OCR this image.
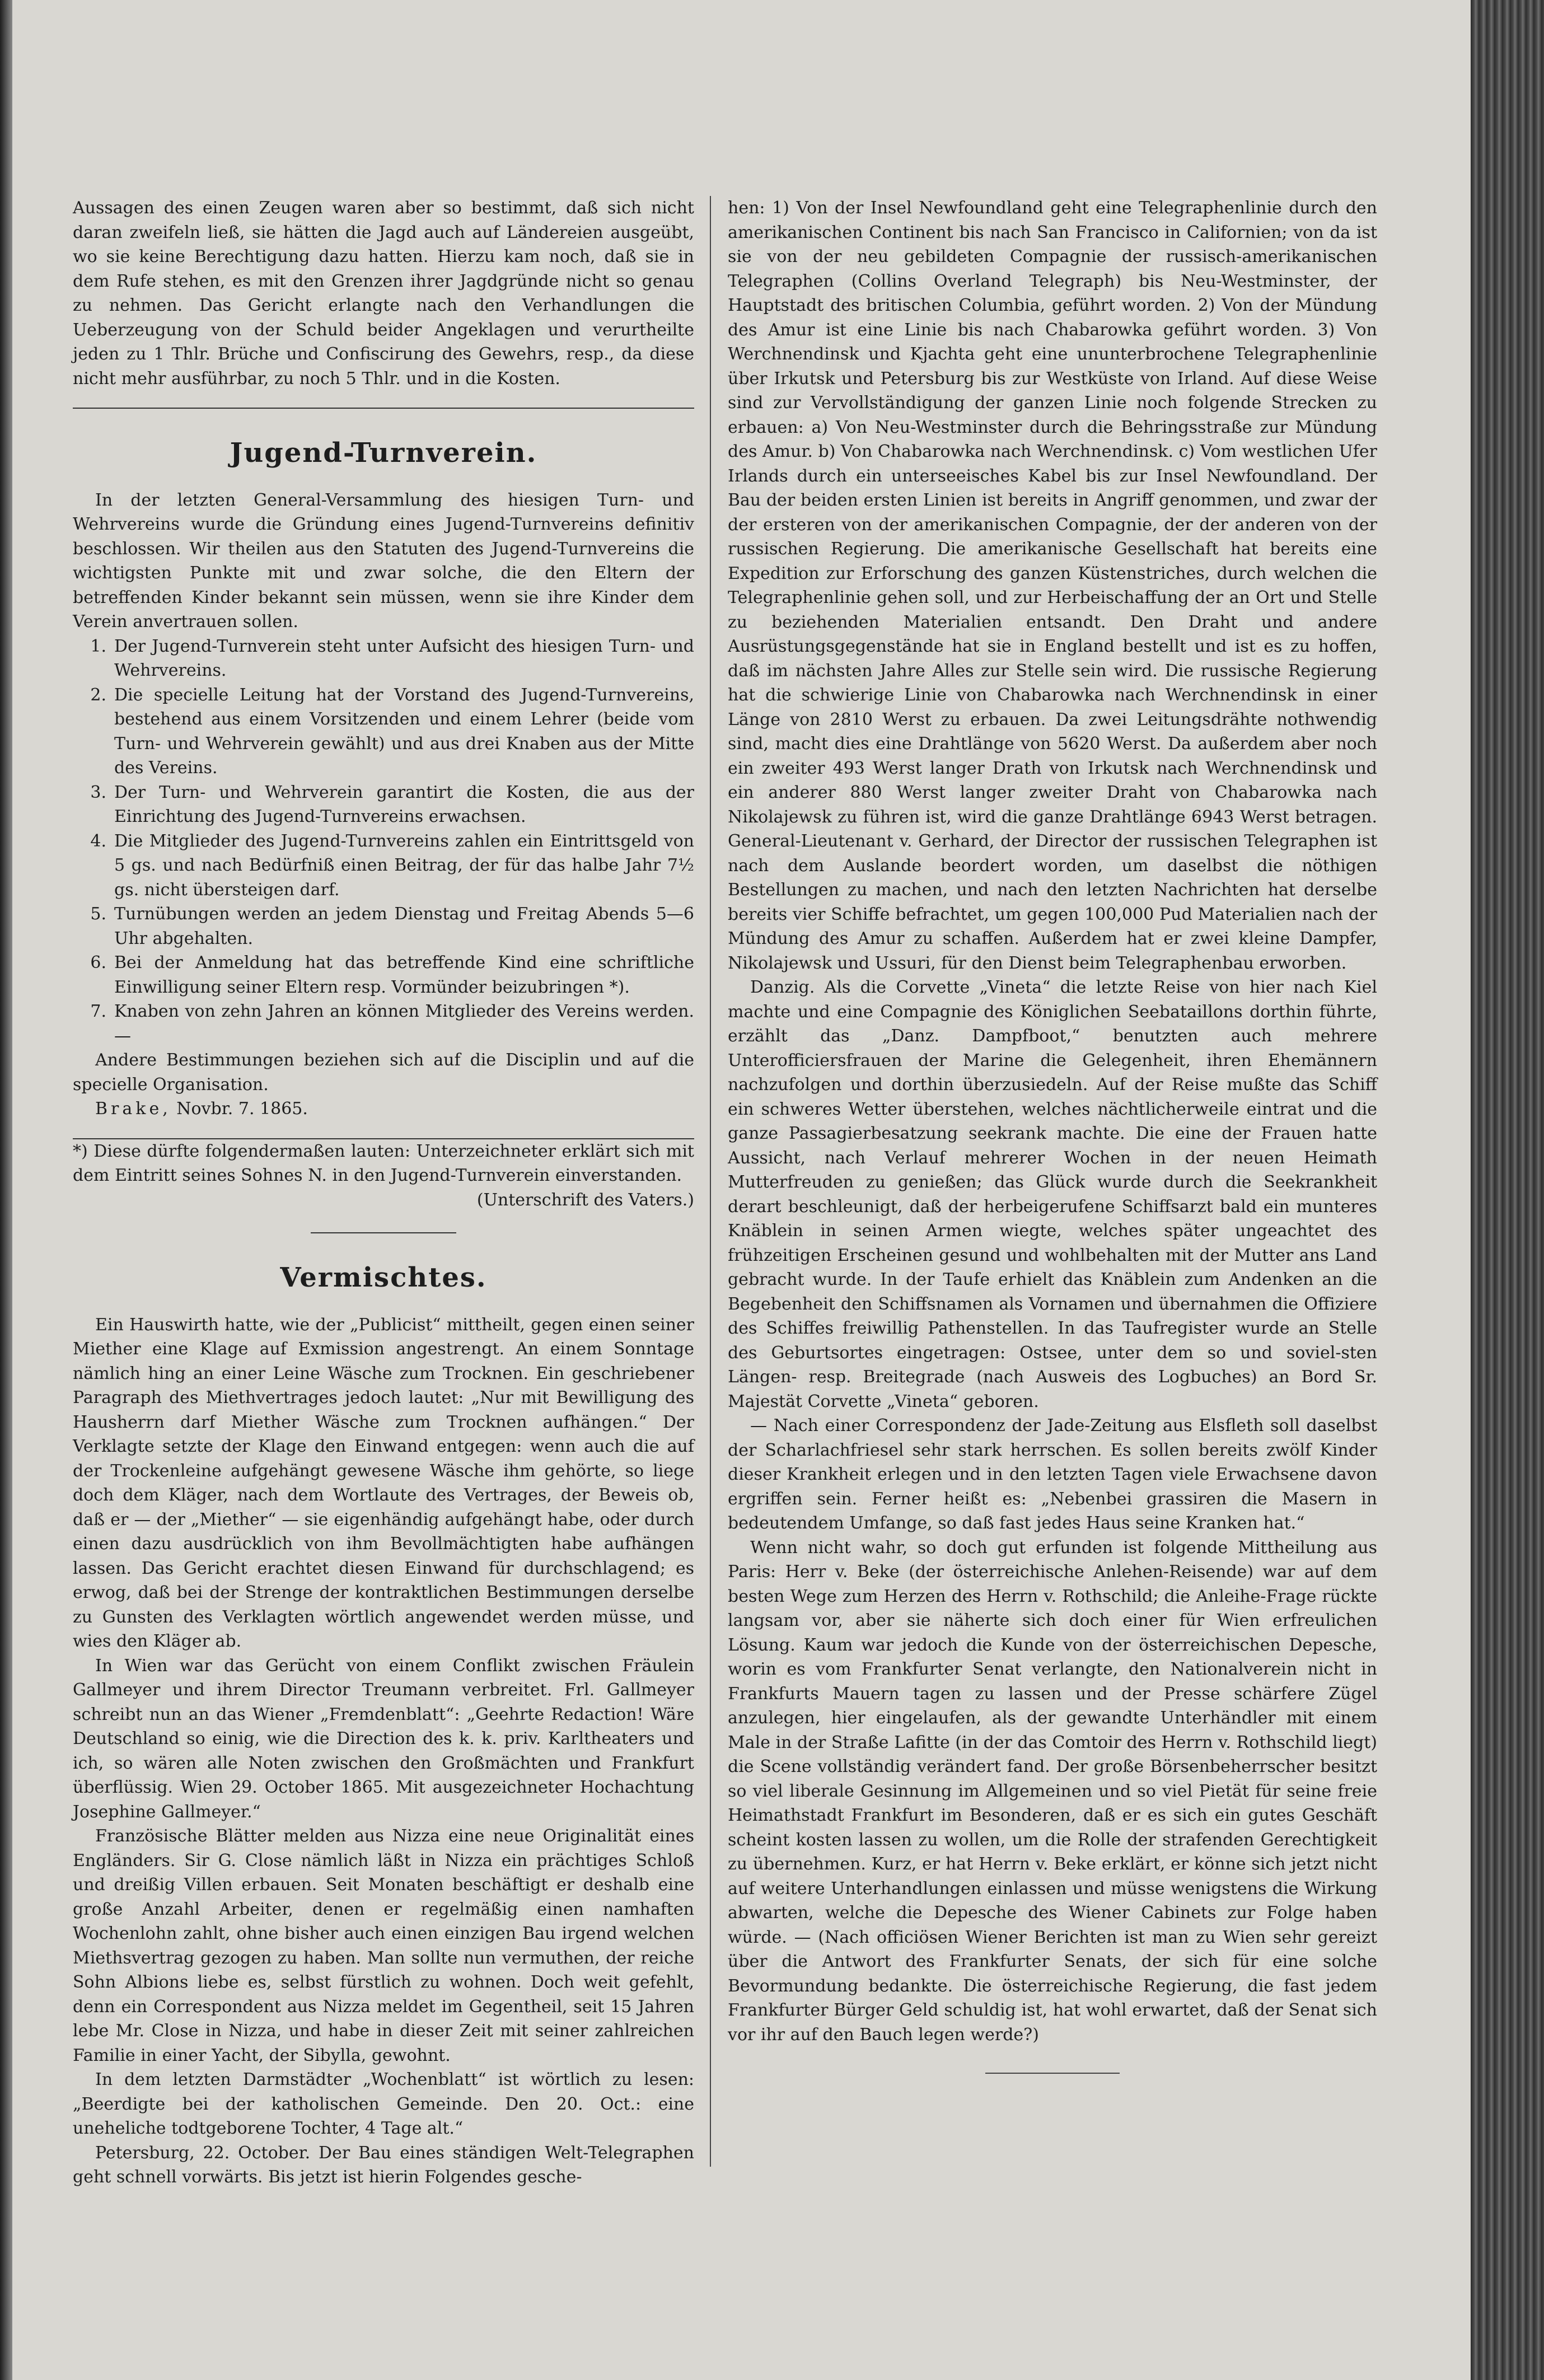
Aussagen des einen Zeugen waren aber so bestimmt, daß sich nicht daran zweifeln ließ, sie hätten die Jagd auch auf Ländereien ausgeübt, wo sie keine Berechtigung dazu hatten. Hierzu kam noch, daß sie in dem Rufe stehen, es mit den Grenzen ihrer Jagdgründe nicht so genau zu nehmen. Das Gericht erlangte nach den Verhandlungen die Ueberzeugung von der Schuld beider Angeklagen und verurtheilte jeden zu 1 Thlr. Brüche und Confiscirung des Gewehrs, resp., da diese nicht mehr ausführbar, zu noch 5 Thlr. und in die Kosten.

Jugend-Turnverein.

In der letzten General-Versammlung des hiesigen Turn- und Wehrvereins wurde die Gründung eines Jugend-Turnvereins definitiv beschlossen. Wir theilen aus den Statuten des Jugend-Turnvereins die wichtigsten Punkte mit und zwar solche, die den Eltern der betreffenden Kinder bekannt sein müssen, wenn sie ihre Kinder dem Verein anvertrauen sollen.

1. Der Jugend-Turnverein steht unter Aufsicht des hiesigen Turn- und Wehrvereins.
2. Die specielle Leitung hat der Vorstand des Jugend-Turnvereins, bestehend aus einem Vorsitzenden und einem Lehrer (beide vom Turn- und Wehrverein gewählt) und aus drei Knaben aus der Mitte des Vereins.
3. Der Turn- und Wehrverein garantirt die Kosten, die aus der Einrichtung des Jugend-Turnvereins erwachsen.
4. Die Mitglieder des Jugend-Turnvereins zahlen ein Eintrittsgeld von 5 gs. und nach Bedürfniß einen Beitrag, der für das halbe Jahr 7½ gs. nicht übersteigen darf.
5. Turnübungen werden an jedem Dienstag und Freitag Abends 5—6 Uhr abgehalten.
6. Bei der Anmeldung hat das betreffende Kind eine schriftliche Einwilligung seiner Eltern resp. Vormünder beizubringen *).
7. Knaben von zehn Jahren an können Mitglieder des Vereins werden. —

Andere Bestimmungen beziehen sich auf die Disciplin und auf die specielle Organisation.

Brake, Novbr. 7. 1865.

*) Diese dürfte folgendermaßen lauten: Unterzeichneter erklärt sich mit dem Eintritt seines Sohnes N. in den Jugend-Turnverein einverstanden.

(Unterschrift des Vaters.)

Vermischtes.

Ein Hauswirth hatte, wie der „Publicist“ mittheilt, gegen einen seiner Miether eine Klage auf Exmission angestrengt. An einem Sonntage nämlich hing an einer Leine Wäsche zum Trocknen. Ein geschriebener Paragraph des Miethvertrages jedoch lautet: „Nur mit Bewilligung des Hausherrn darf Miether Wäsche zum Trocknen aufhängen.“ Der Verklagte setzte der Klage den Einwand entgegen: wenn auch die auf der Trockenleine aufgehängt gewesene Wäsche ihm gehörte, so liege doch dem Kläger, nach dem Wortlaute des Vertrages, der Beweis ob, daß er — der „Miether“ — sie eigenhändig aufgehängt habe, oder durch einen dazu ausdrücklich von ihm Bevollmächtigten habe aufhängen lassen. Das Gericht erachtet diesen Einwand für durchschlagend; es erwog, daß bei der Strenge der kontraktlichen Bestimmungen derselbe zu Gunsten des Verklagten wörtlich angewendet werden müsse, und wies den Kläger ab.

In Wien war das Gerücht von einem Conflikt zwischen Fräulein Gallmeyer und ihrem Director Treumann verbreitet. Frl. Gallmeyer schreibt nun an das Wiener „Fremdenblatt“: „Geehrte Redaction! Wäre Deutschland so einig, wie die Direction des k. k. priv. Karltheaters und ich, so wären alle Noten zwischen den Großmächten und Frankfurt überflüssig. Wien 29. October 1865. Mit ausgezeichneter Hochachtung Josephine Gallmeyer.“

Französische Blätter melden aus Nizza eine neue Originalität eines Engländers. Sir G. Close nämlich läßt in Nizza ein prächtiges Schloß und dreißig Villen erbauen. Seit Monaten beschäftigt er deshalb eine große Anzahl Arbeiter, denen er regelmäßig einen namhaften Wochenlohn zahlt, ohne bisher auch einen einzigen Bau irgend welchen Miethsvertrag gezogen zu haben. Man sollte nun vermuthen, der reiche Sohn Albions liebe es, selbst fürstlich zu wohnen. Doch weit gefehlt, denn ein Correspondent aus Nizza meldet im Gegentheil, seit 15 Jahren lebe Mr. Close in Nizza, und habe in dieser Zeit mit seiner zahlreichen Familie in einer Yacht, der Sibylla, gewohnt.

In dem letzten Darmstädter „Wochenblatt“ ist wörtlich zu lesen: „Beerdigte bei der katholischen Gemeinde. Den 20. Oct.: eine uneheliche todtgeborene Tochter, 4 Tage alt.“

Petersburg, 22. October. Der Bau eines ständigen Welt-Telegraphen geht schnell vorwärts. Bis jetzt ist hierin Folgendes gesche-

hen: 1) Von der Insel Newfoundland geht eine Telegraphenlinie durch den amerikanischen Continent bis nach San Francisco in Californien; von da ist sie von der neu gebildeten Compagnie der russisch-amerikanischen Telegraphen (Collins Overland Telegraph) bis Neu-Westminster, der Hauptstadt des britischen Columbia, geführt worden. 2) Von der Mündung des Amur ist eine Linie bis nach Chabarowka geführt worden. 3) Von Werchnendinsk und Kjachta geht eine ununterbrochene Telegraphenlinie über Irkutsk und Petersburg bis zur Westküste von Irland. Auf diese Weise sind zur Vervollständigung der ganzen Linie noch folgende Strecken zu erbauen: a) Von Neu-Westminster durch die Behringsstraße zur Mündung des Amur. b) Von Chabarowka nach Werchnendinsk. c) Vom westlichen Ufer Irlands durch ein unterseeisches Kabel bis zur Insel Newfoundland. Der Bau der beiden ersten Linien ist bereits in Angriff genommen, und zwar der der ersteren von der amerikanischen Compagnie, der der anderen von der russischen Regierung. Die amerikanische Gesellschaft hat bereits eine Expedition zur Erforschung des ganzen Küstenstriches, durch welchen die Telegraphenlinie gehen soll, und zur Herbeischaffung der an Ort und Stelle zu beziehenden Materialien entsandt. Den Draht und andere Ausrüstungsgegenstände hat sie in England bestellt und ist es zu hoffen, daß im nächsten Jahre Alles zur Stelle sein wird. Die russische Regierung hat die schwierige Linie von Chabarowka nach Werchnendinsk in einer Länge von 2810 Werst zu erbauen. Da zwei Leitungsdrähte nothwendig sind, macht dies eine Drahtlänge von 5620 Werst. Da außerdem aber noch ein zweiter 493 Werst langer Drath von Irkutsk nach Werchnendinsk und ein anderer 880 Werst langer zweiter Draht von Chabarowka nach Nikolajewsk zu führen ist, wird die ganze Drahtlänge 6943 Werst betragen. General-Lieutenant v. Gerhard, der Director der russischen Telegraphen ist nach dem Auslande beordert worden, um daselbst die nöthigen Bestellungen zu machen, und nach den letzten Nachrichten hat derselbe bereits vier Schiffe befrachtet, um gegen 100,000 Pud Materialien nach der Mündung des Amur zu schaffen. Außerdem hat er zwei kleine Dampfer, Nikolajewsk und Ussuri, für den Dienst beim Telegraphenbau erworben.

Danzig. Als die Corvette „Vineta“ die letzte Reise von hier nach Kiel machte und eine Compagnie des Königlichen Seebataillons dorthin führte, erzählt das „Danz. Dampfboot,“ benutzten auch mehrere Unterofficiersfrauen der Marine die Gelegenheit, ihren Ehemännern nachzufolgen und dorthin überzusiedeln. Auf der Reise mußte das Schiff ein schweres Wetter überstehen, welches nächtlicherweile eintrat und die ganze Passagierbesatzung seekrank machte. Die eine der Frauen hatte Aussicht, nach Verlauf mehrerer Wochen in der neuen Heimath Mutterfreuden zu genießen; das Glück wurde durch die Seekrankheit derart beschleunigt, daß der herbeigerufene Schiffsarzt bald ein munteres Knäblein in seinen Armen wiegte, welches später ungeachtet des frühzeitigen Erscheinen gesund und wohlbehalten mit der Mutter ans Land gebracht wurde. In der Taufe erhielt das Knäblein zum Andenken an die Begebenheit den Schiffsnamen als Vornamen und übernahmen die Offiziere des Schiffes freiwillig Pathenstellen. In das Taufregister wurde an Stelle des Geburtsortes eingetragen: Ostsee, unter dem so und soviel-sten Längen- resp. Breitegrade (nach Ausweis des Logbuches) an Bord Sr. Majestät Corvette „Vineta“ geboren.

— Nach einer Correspondenz der Jade-Zeitung aus Elsfleth soll daselbst der Scharlachfriesel sehr stark herrschen. Es sollen bereits zwölf Kinder dieser Krankheit erlegen und in den letzten Tagen viele Erwachsene davon ergriffen sein. Ferner heißt es: „Nebenbei grassiren die Masern in bedeutendem Umfange, so daß fast jedes Haus seine Kranken hat.“

Wenn nicht wahr, so doch gut erfunden ist folgende Mittheilung aus Paris: Herr v. Beke (der österreichische Anlehen-Reisende) war auf dem besten Wege zum Herzen des Herrn v. Rothschild; die Anleihe-Frage rückte langsam vor, aber sie näherte sich doch einer für Wien erfreulichen Lösung. Kaum war jedoch die Kunde von der österreichischen Depesche, worin es vom Frankfurter Senat verlangte, den Nationalverein nicht in Frankfurts Mauern tagen zu lassen und der Presse schärfere Zügel anzulegen, hier eingelaufen, als der gewandte Unterhändler mit einem Male in der Straße Lafitte (in der das Comtoir des Herrn v. Rothschild liegt) die Scene vollständig verändert fand. Der große Börsenbeherrscher besitzt so viel liberale Gesinnung im Allgemeinen und so viel Pietät für seine freie Heimathstadt Frankfurt im Besonderen, daß er es sich ein gutes Geschäft scheint kosten lassen zu wollen, um die Rolle der strafenden Gerechtigkeit zu übernehmen. Kurz, er hat Herrn v. Beke erklärt, er könne sich jetzt nicht auf weitere Unterhandlungen einlassen und müsse wenigstens die Wirkung abwarten, welche die Depesche des Wiener Cabinets zur Folge haben würde. — (Nach officiösen Wiener Berichten ist man zu Wien sehr gereizt über die Antwort des Frankfurter Senats, der sich für eine solche Bevormundung bedankte. Die österreichische Regierung, die fast jedem Frankfurter Bürger Geld schuldig ist, hat wohl erwartet, daß der Senat sich vor ihr auf den Bauch legen werde?)
